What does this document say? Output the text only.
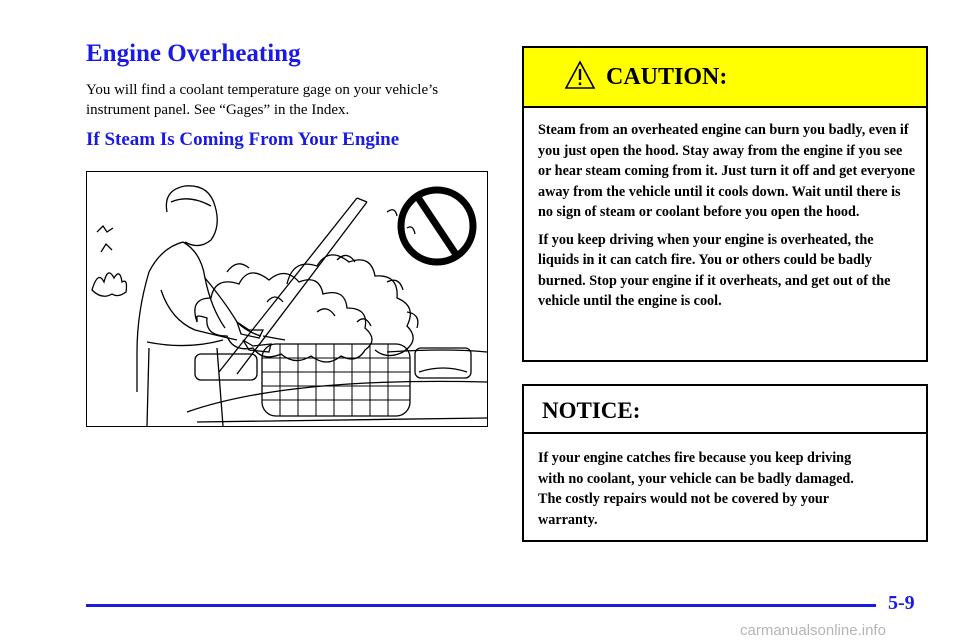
Engine Overheating

You will find a coolant temperature gage on your vehicle’s instrument panel. See “Gages” in the Index.

If Steam Is Coming From Your Engine
CAUTION:

Steam from an overheated engine can burn you badly, even if you just open the hood. Stay away from the engine if you see or hear steam coming from it. Just turn it off and get everyone away from the vehicle until it cools down. Wait until there is no sign of steam or coolant before you open the hood.

If you keep driving when your engine is overheated, the liquids in it can catch fire. You or others could be badly burned. Stop your engine if it overheats, and get out of the vehicle until the engine is cool.

NOTICE:

If your engine catches fire because you keep driving with no coolant, your vehicle can be badly damaged. The costly repairs would not be covered by your warranty.

5-9
carmanualsonline.info
